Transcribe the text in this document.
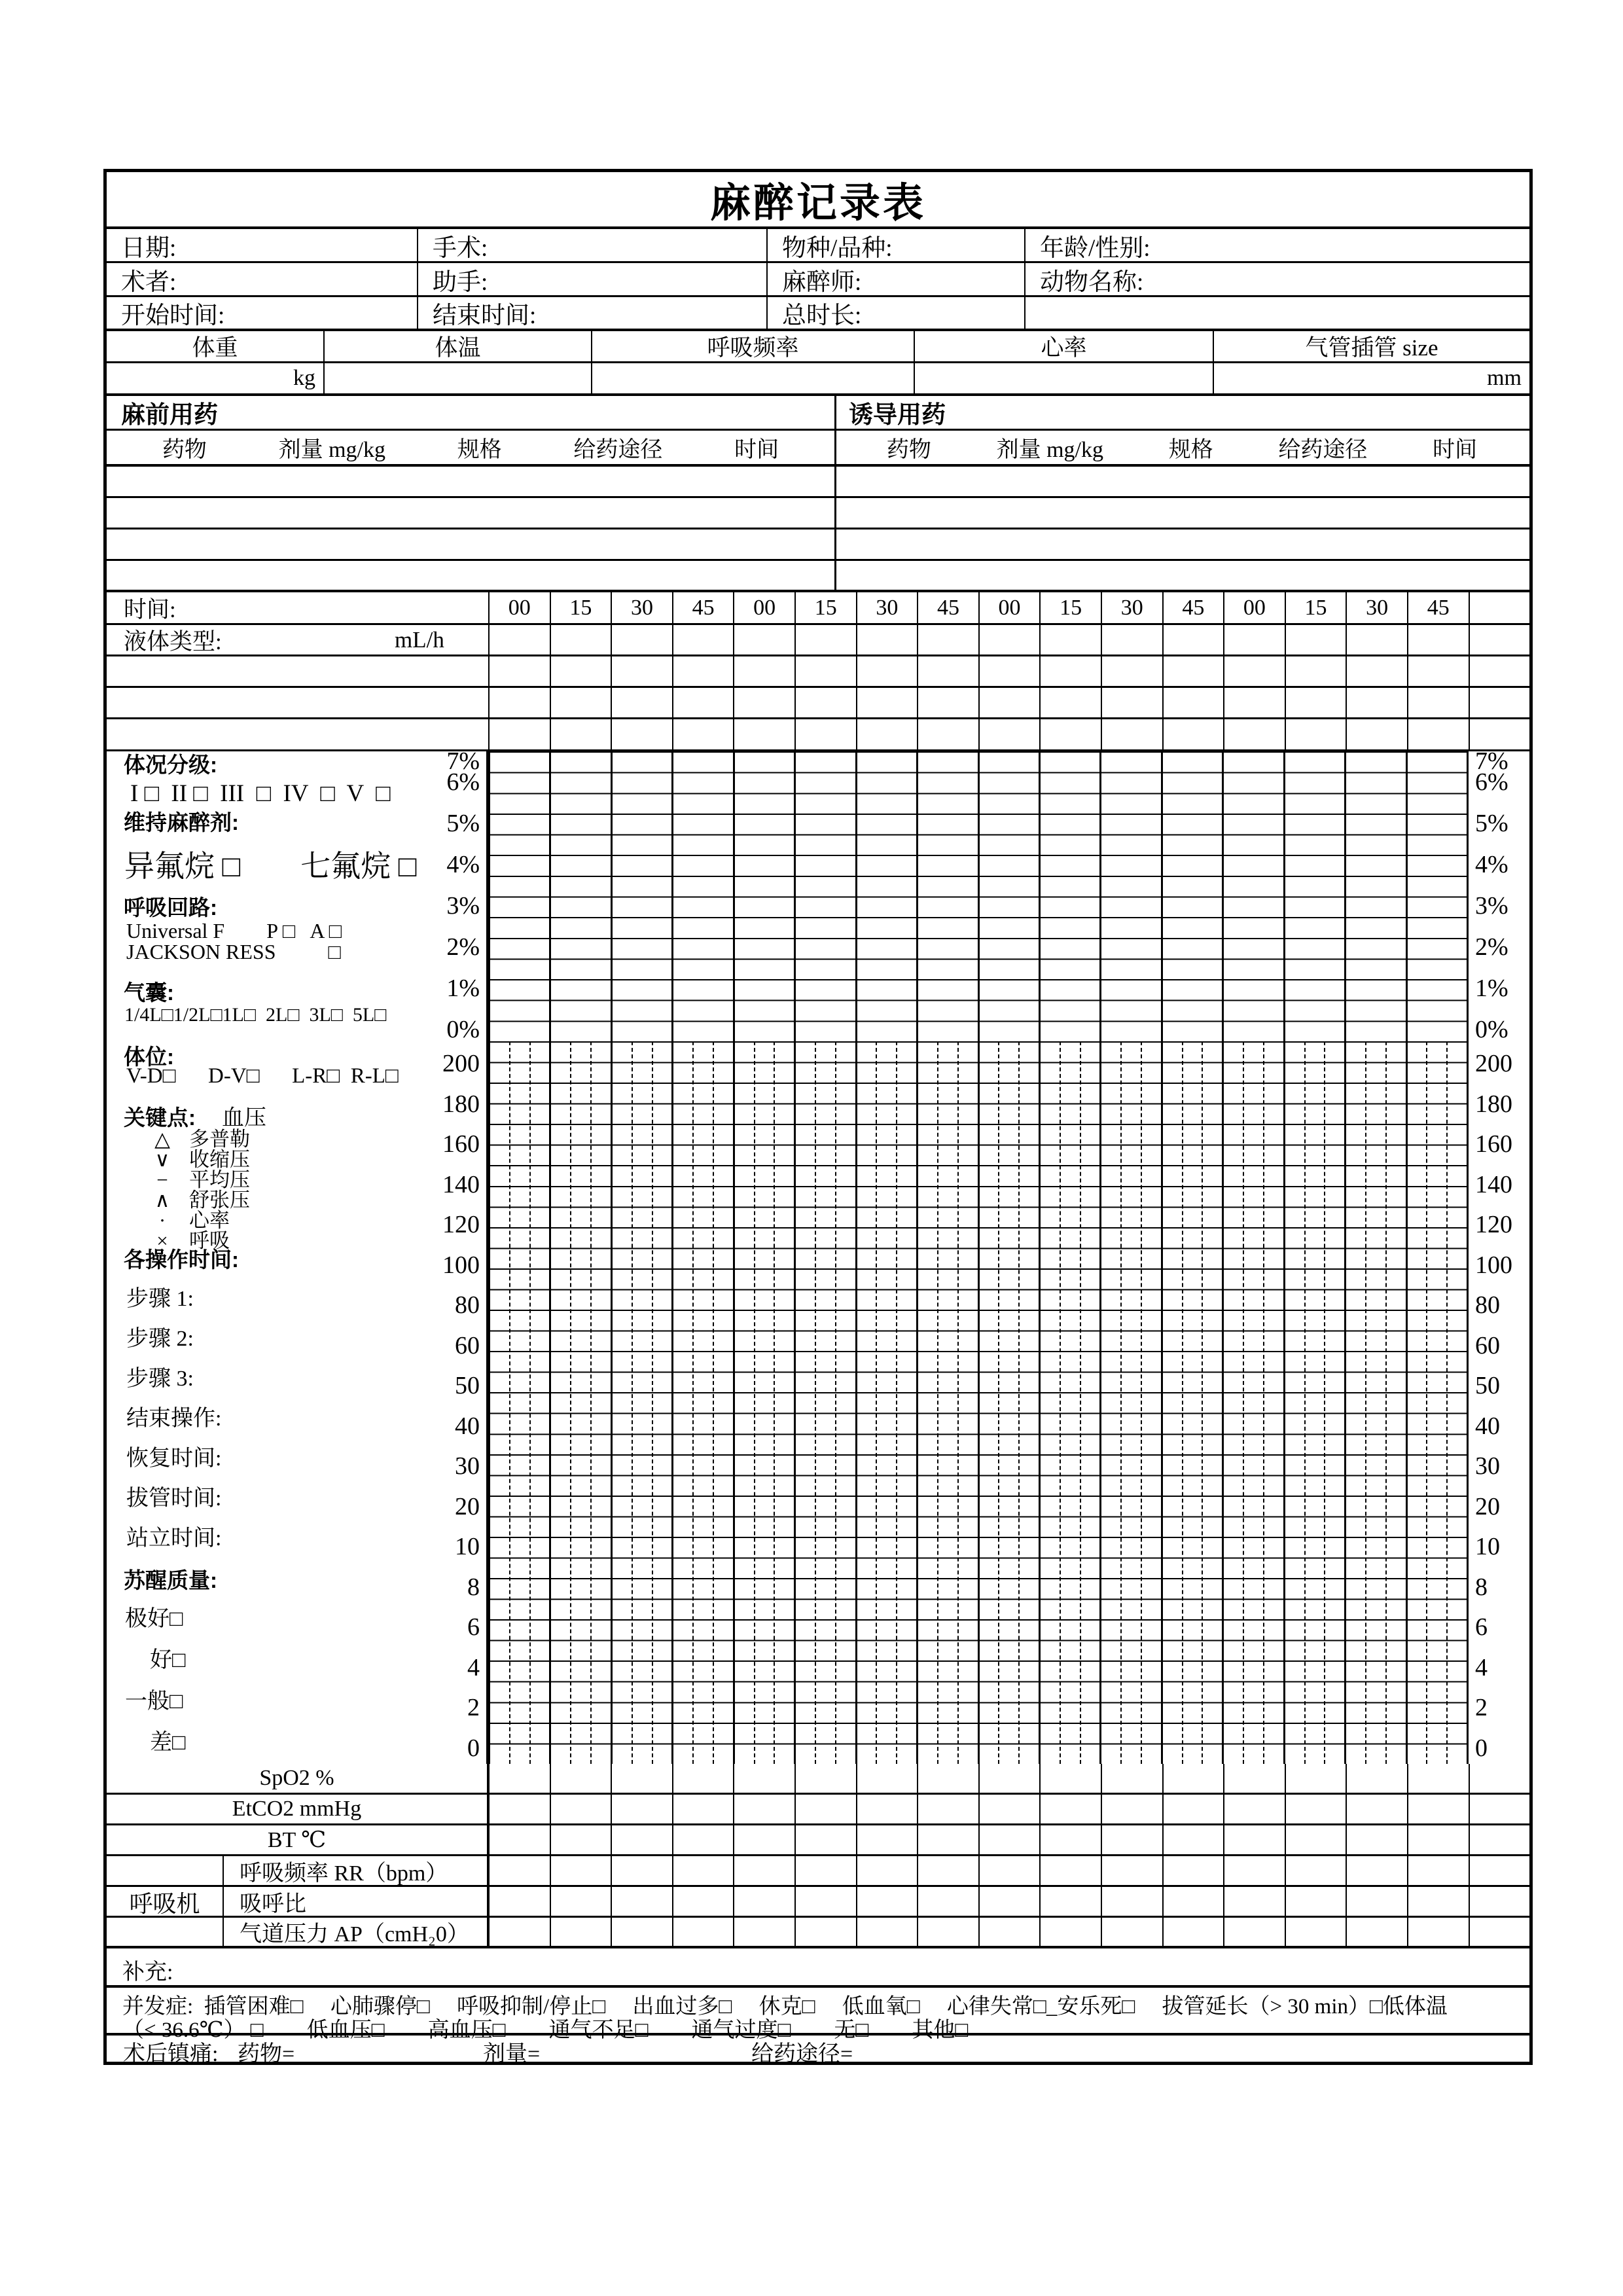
麻醉记录表
日期:	手术:	物种/品种:	年龄/性别:
术者:	助手:	麻醉师:	动物名称:
开始时间:	结束时间:	总时长:
体重	体温	呼吸频率	心率	气管插管 size
kg	mm
麻前用药	诱导用药
药物	剂量 mg/kg	规格	给药途径	时间	药物	剂量 mg/kg	规格	给药途径	时间
时间:	00	15	30	45	00	15	30	45	00	15	30	45	00	15	30	45
液体类型:	mL/h
7%
6%
5%
4%
3%
2%
1%
0%
200
180
160
140
120
100
80
60
50
40
30
20
10
8
6
4
2
0
体况分级:
I □  II □  III  □  IV  □  V  □
维持麻醉剂:
异氟烷 □　　七氟烷 □
呼吸回路:
Universal F　　P □   A □
JACKSON RESS　　  □
气囊:
1/4L□1/2L□1L□  2L□  3L□  5L□
体位:
V-D□　  D-V□　  L-R□  R-L□
关键点: 血压
△ 多普勒
∨ 收缩压
− 平均压
∧ 舒张压
· 心率
× 呼吸
各操作时间:
步骤 1:
步骤 2:
步骤 3:
结束操作:
恢复时间:
拔管时间:
站立时间:
苏醒质量:
极好□
好□
一般□
差□
7%
6%
5%
4%
3%
2%
1%
0%
200
180
160
140
120
100
80
60
50
40
30
20
10
8
6
4
2
0
SpO2 %
EtCO2 mmHg
BT ℃
呼吸机
呼吸频率 RR（bpm）
吸呼比
气道压力 AP（cmH₂0）
补充:
并发症:  插管困难□　 心肺骤停□　 呼吸抑制/停止□　 出血过多□　 休克□　 低血氧□　 心律失常□_安乐死□　 拔管延长（> 30 min）□低体温
（< 36.6℃） □　　低血压□　　高血压□　　通气不足□　　通气过度□　　无□　　其他□
术后镇痛: 药物=	剂量=	给药途径=
